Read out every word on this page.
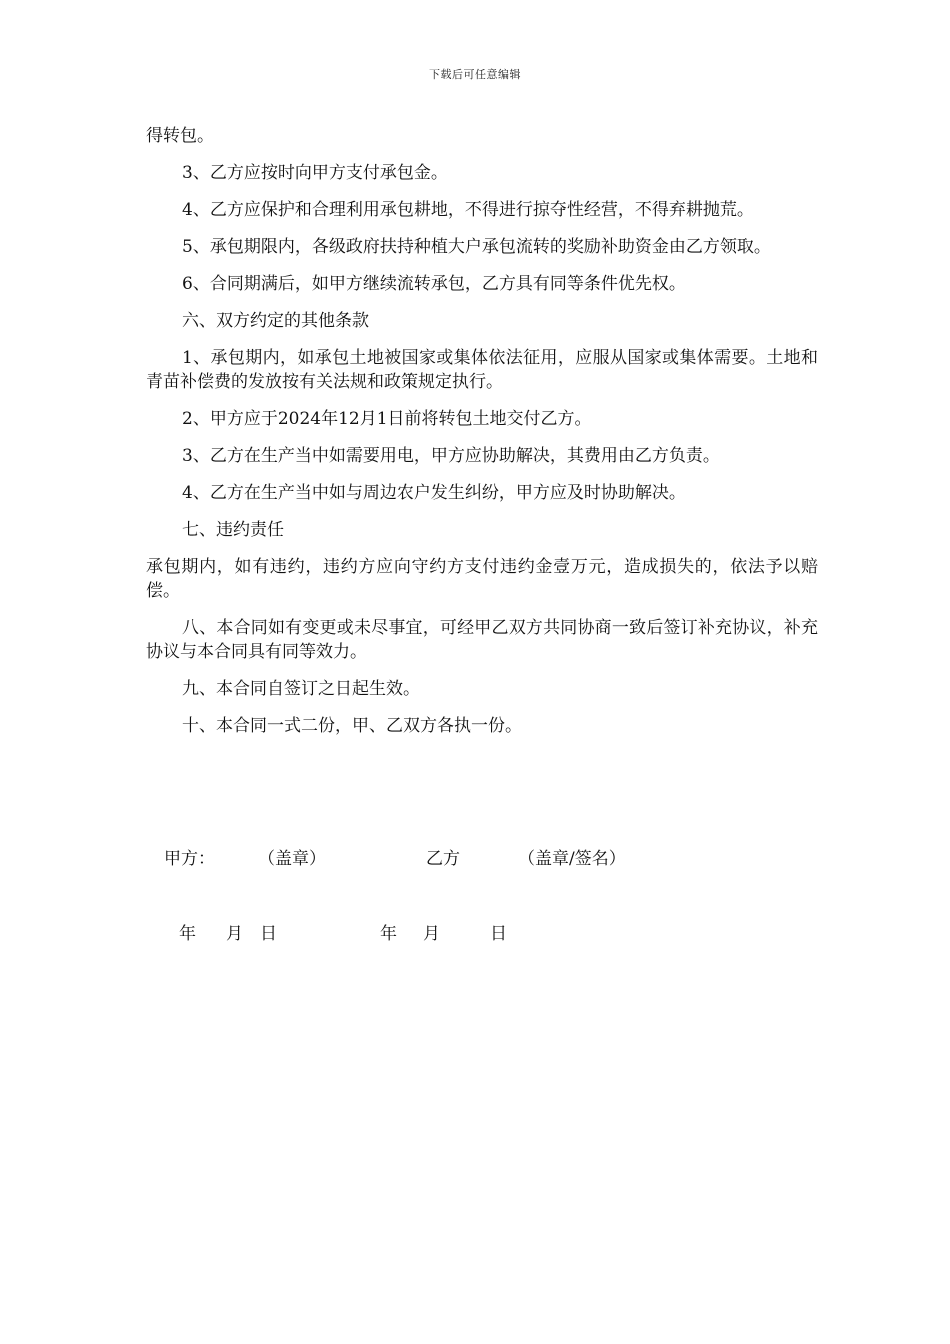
下载后可任意编辑

得转包。

3、乙方应按时向甲方支付承包金。

4、乙方应保护和合理利用承包耕地，不得进行掠夺性经营，不得弃耕抛荒。

5、承包期限内，各级政府扶持种植大户承包流转的奖励补助资金由乙方领取。

6、合同期满后，如甲方继续流转承包，乙方具有同等条件优先权。

六、双方约定的其他条款

1、承包期内，如承包土地被国家或集体依法征用，应服从国家或集体需要。土地和青苗补偿费的发放按有关法规和政策规定执行。

2、甲方应于2024年12月1日前将转包土地交付乙方。

3、乙方在生产当中如需要用电，甲方应协助解决，其费用由乙方负责。

4、乙方在生产当中如与周边农户发生纠纷，甲方应及时协助解决。

七、违约责任

承包期内，如有违约，违约方应向守约方支付违约金壹万元，造成损失的，依法予以赔偿。

八、本合同如有变更或未尽事宜，可经甲乙双方共同协商一致后签订补充协议，补充协议与本合同具有同等效力。

九、本合同自签订之日起生效。

十、本合同一式二份，甲、乙双方各执一份。

甲方：	（盖章）	乙方	（盖章/签名）
年 月 日	年 月	日
